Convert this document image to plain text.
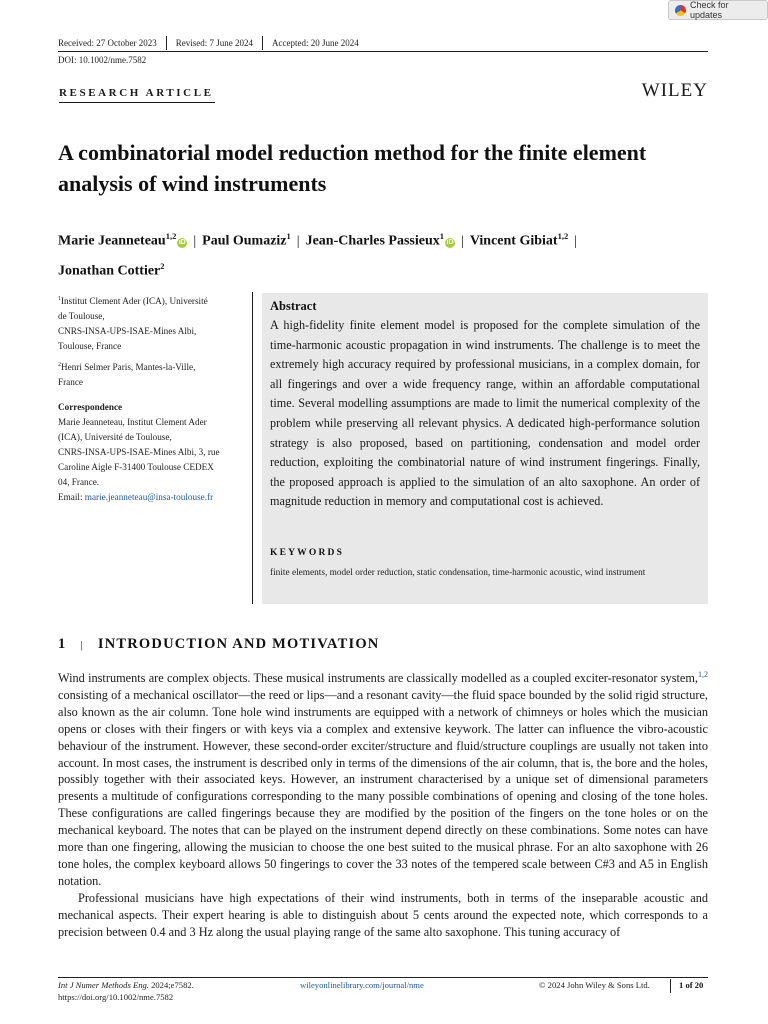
Check for updates
Received: 27 October 2023 Revised: 7 June 2024 Accepted: 20 June 2024
DOI: 10.1002/nme.7582
RESEARCH ARTICLE	WILEY
A combinatorial model reduction method for the finite element analysis of wind instruments
Marie Jeanneteau$^{1,2}$iD | Paul Oumaziz$^1$ | Jean-Charles Passieux$^1$iD | Vincent Gibiat$^{1,2}$ |
Jonathan Cottier$^2$

$^1$Institut Clement Ader (ICA), Université

de Toulouse,

CNRS-INSA-UPS-ISAE-Mines Albi,

Toulouse, France

$^2$Henri Selmer Paris, Mantes-la-Ville,

France

Correspondence

Marie Jeanneteau, Institut Clement Ader

(ICA), Université de Toulouse,

CNRS-INSA-UPS-ISAE-Mines Albi, 3, rue

Caroline Aigle F-31400 Toulouse CEDEX

04, France.

Email: marie.jeanneteau@insa-toulouse.fr

Abstract

A high-fidelity finite element model is proposed for the complete simulation of the time-harmonic acoustic propagation in wind instruments. The challenge is to meet the extremely high accuracy required by professional musicians, in a complex domain, for all fingerings and over a wide frequency range, within an affordable computational time. Several modelling assumptions are made to limit the numerical complexity of the problem while preserving all relevant physics. A dedicated high-performance solution strategy is also proposed, based on partitioning, condensation and model order reduction, exploiting the combinatorial nature of wind instrument fingerings. Finally, the proposed approach is applied to the simulation of an alto saxophone. An order of magnitude reduction in memory and computational cost is achieved.

KEYWORDS

finite elements, model order reduction, static condensation, time-harmonic acoustic, wind instrument

1 | INTRODUCTION AND MOTIVATION

Wind instruments are complex objects. These musical instruments are classically modelled as a coupled exciter-resonator system,$^{1,2}$ consisting of a mechanical oscillator—the reed or lips—and a resonant cavity—the fluid space bounded by the solid rigid structure, also known as the air column. Tone hole wind instruments are equipped with a network of chimneys or holes which the musician opens or closes with their fingers or with keys via a complex and extensive keywork. The latter can influence the vibro-acoustic behaviour of the instrument. However, these second-order exciter/structure and fluid/structure couplings are usually not taken into account. In most cases, the instrument is described only in terms of the dimensions of the air column, that is, the bore and the holes, possibly together with their associated keys. However, an instrument characterised by a unique set of dimensional parameters presents a multitude of configurations corresponding to the many possible combinations of opening and closing of the tone holes. These configurations are called fingerings because they are modified by the position of the fingers on the tone holes or on the mechanical keyboard. The notes that can be played on the instrument depend directly on these combinations. Some notes can have more than one fingering, allowing the musician to choose the one best suited to the musical phrase. For an alto saxophone with 26 tone holes, the complex keyboard allows 50 fingerings to cover the 33 notes of the tempered scale between C#3 and A5 in English notation.

Professional musicians have high expectations of their wind instruments, both in terms of the inseparable acoustic and mechanical aspects. Their expert hearing is able to distinguish about 5 cents around the expected note, which corresponds to a precision between 0.4 and 3 Hz along the usual playing range of the same alto saxophone. This tuning accuracy of

Int J Numer Methods Eng. 2024;e7582.
https://doi.org/10.1002/nme.7582
wileyonlinelibrary.com/journal/nme	© 2024 John Wiley & Sons Ltd.	1 of 20
